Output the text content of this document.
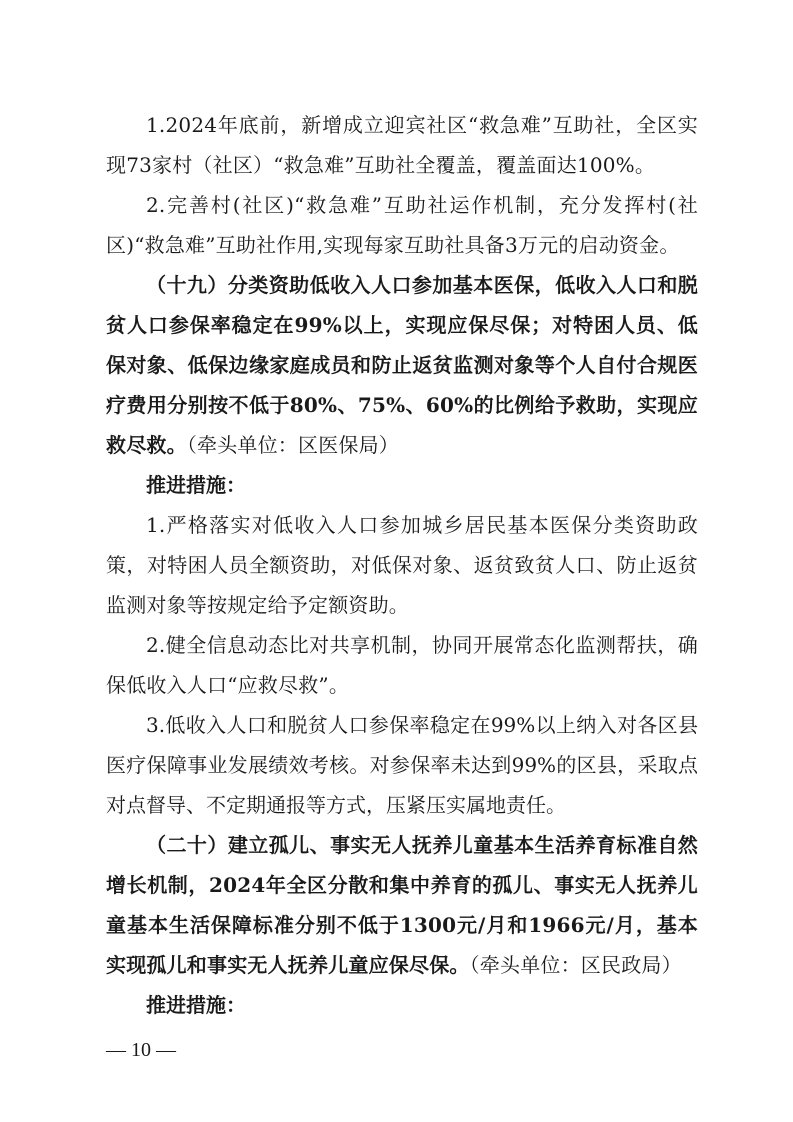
1.2024年底前，新增成立迎宾社区“救急难”互助社，全区实现73家村（社区）“救急难”互助社全覆盖，覆盖面达100%。

2.完善村(社区)“救急难”互助社运作机制，充分发挥村(社区)“救急难”互助社作用,实现每家互助社具备3万元的启动资金。

（十九）分类资助低收入人口参加基本医保，低收入人口和脱贫人口参保率稳定在99%以上，实现应保尽保；对特困人员、低保对象、低保边缘家庭成员和防止返贫监测对象等个人自付合规医疗费用分别按不低于80%、75%、60%的比例给予救助，实现应救尽救。（牵头单位：区医保局）

推进措施：

1.严格落实对低收入人口参加城乡居民基本医保分类资助政策，对特困人员全额资助，对低保对象、返贫致贫人口、防止返贫监测对象等按规定给予定额资助。

2.健全信息动态比对共享机制，协同开展常态化监测帮扶，确保低收入人口“应救尽救”。

3.低收入人口和脱贫人口参保率稳定在99%以上纳入对各区县医疗保障事业发展绩效考核。对参保率未达到99%的区县，采取点对点督导、不定期通报等方式，压紧压实属地责任。

（二十）建立孤儿、事实无人抚养儿童基本生活养育标准自然增长机制，2024年全区分散和集中养育的孤儿、事实无人抚养儿童基本生活保障标准分别不低于1300元/月和1966元/月，基本实现孤儿和事实无人抚养儿童应保尽保。（牵头单位：区民政局）

推进措施：

— 10 —
